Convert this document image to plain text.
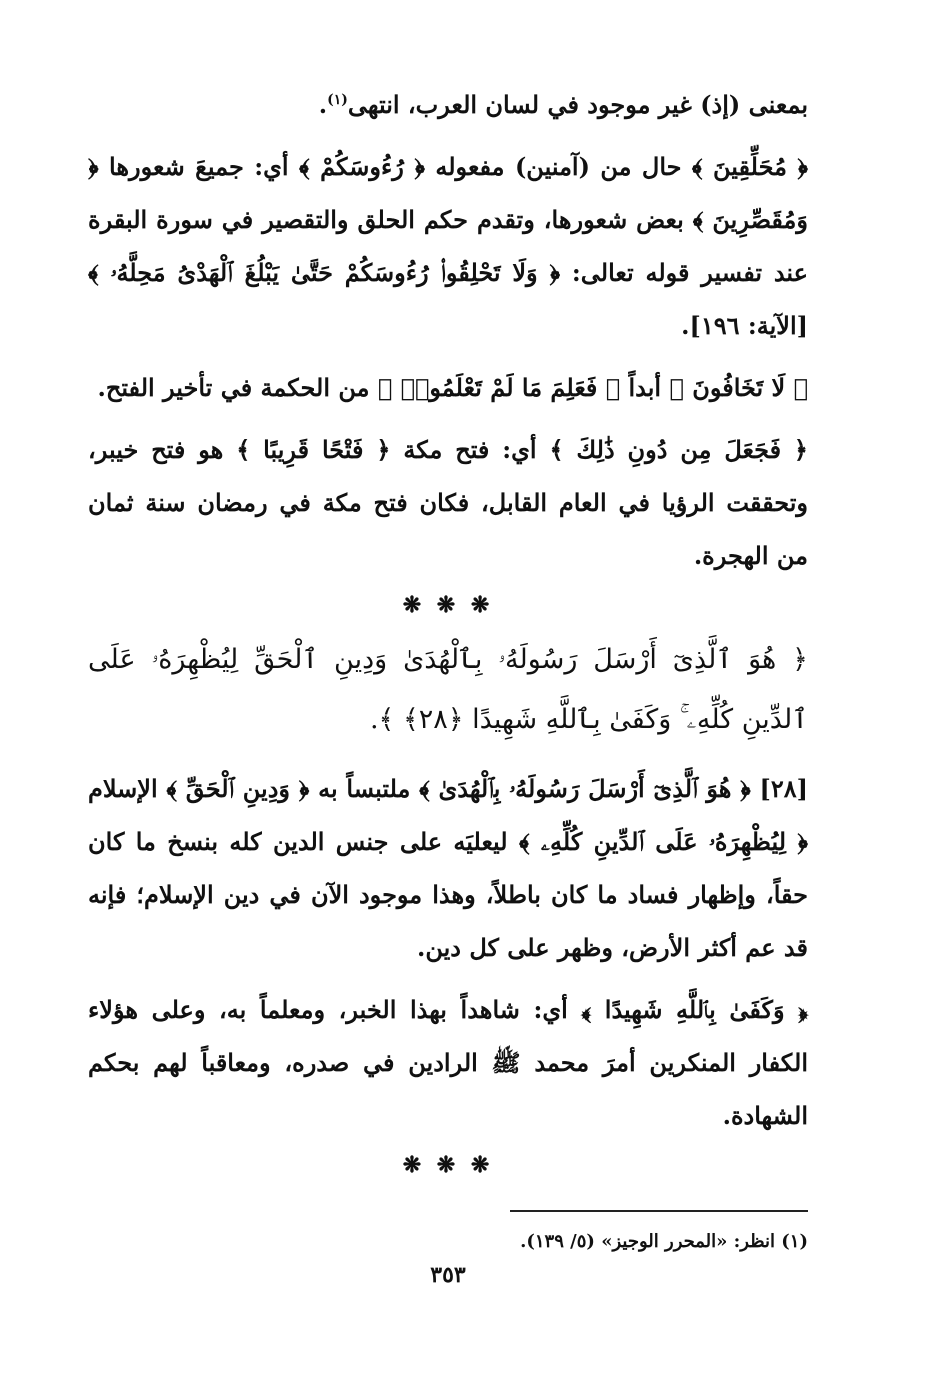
بمعنى (إذ) غير موجود في لسان العرب، انتهى$^{(١)}$.

﴿ مُحَلِّقِينَ ﴾ حال من (آمنين) مفعوله ﴿ رُءُوسَكُمْ ﴾ أي: جميعَ شعورها ﴿ وَمُقَصِّرِينَ ﴾ بعض شعورها، وتقدم حكم الحلق والتقصير في سورة البقرة عند تفسير قوله تعالى: ﴿ وَلَا تَحْلِقُوا۟ رُءُوسَكُمْ حَتَّىٰ يَبْلُغَ ٱلْهَدْىُ مَحِلَّهُۥ ﴾ [الآية: ١٩٦].

﴿ لَا تَخَافُونَ ﴾ أبداً ﴿ فَعَلِمَ مَا لَمْ تَعْلَمُوا۟ ﴾ من الحكمة في تأخير الفتح.

﴿ فَجَعَلَ مِن دُونِ ذَٰلِكَ ﴾ أي: فتح مكة ﴿ فَتْحًا قَرِيبًا ﴾ هو فتح خيبر، وتحققت الرؤيا في العام القابل، فكان فتح مكة في رمضان سنة ثمان من الهجرة.

❋ ❋ ❋
﴿ هُوَ ٱلَّذِىٓ أَرْسَلَ رَسُولَهُۥ بِٱلْهُدَىٰ وَدِينِ ٱلْحَقِّ لِيُظْهِرَهُۥ عَلَى ٱلدِّينِ كُلِّهِۦ ۚ وَكَفَىٰ بِٱللَّهِ شَهِيدًا ﴿٢٨﴾ ﴾.

[٢٨] ﴿ هُوَ ٱلَّذِىٓ أَرْسَلَ رَسُولَهُۥ بِٱلْهُدَىٰ ﴾ ملتبساً به ﴿ وَدِينِ ٱلْحَقِّ ﴾ الإسلام ﴿ لِيُظْهِرَهُۥ عَلَى ٱلدِّينِ كُلِّهِۦ ﴾ ليعليَه على جنس الدين كله بنسخ ما كان حقاً، وإظهار فساد ما كان باطلاً، وهذا موجود الآن في دين الإسلام؛ فإنه قد عم أكثر الأرض، وظهر على كل دين.

﴿ وَكَفَىٰ بِٱللَّهِ شَهِيدًا ﴾ أي: شاهداً بهذا الخبر، ومعلماً به، وعلى هؤلاء الكفار المنكرين أمرَ محمد ﷺ الرادين في صدره، ومعاقباً لهم بحكم الشهادة.

❋ ❋ ❋

(١) انظر: «المحرر الوجيز» (٥/ ١٣٩).

٣٥٣
